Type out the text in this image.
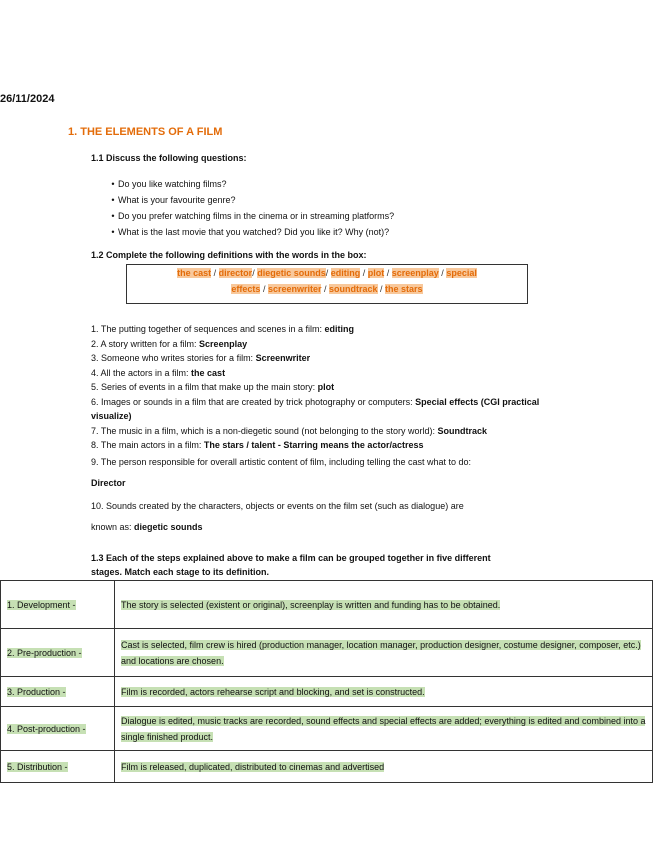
26/11/2024
1. THE ELEMENTS OF A FILM
1.1 Discuss the following questions:
• Do you like watching films?
• What is your favourite genre?
• Do you prefer watching films in the cinema or in streaming platforms?
• What is the last movie that you watched? Did you like it? Why (not)?
1.2 Complete the following definitions with the words in the box:
the cast / director/ diegetic sounds/ editing / plot / screenplay / special
effects / screenwriter / soundtrack / the stars
1. The putting together of sequences and scenes in a film: editing
2. A story written for a film: Screenplay
3. Someone who writes stories for a film: Screenwriter
4. All the actors in a film: the cast
5. Series of events in a film that make up the main story: plot
6. Images or sounds in a film that are created by trick photography or computers: Special effects (CGI practical
visualize)
7. The music in a film, which is a non-diegetic sound (not belonging to the story world): Soundtrack
8. The main actors in a film: The stars / talent - Starring means the actor/actress
9. The person responsible for overall artistic content of film, including telling the cast what to do:
Director
10. Sounds created by the characters, objects or events on the film set (such as dialogue) are
known as: diegetic sounds
1.3 Each of the steps explained above to make a film can be grouped together in five different
stages. Match each stage to its definition.
1. Development -	The story is selected (existent or original), screenplay is written and funding has to be obtained.
2. Pre-production -	Cast is selected, film crew is hired (production manager, location manager, production designer, costume designer, composer, etc.) and locations are chosen.
3. Production -	Film is recorded, actors rehearse script and blocking, and set is constructed.
4. Post-production -	Dialogue is edited, music tracks are recorded, sound effects and special effects are added; everything is edited and combined into a single finished product.
5. Distribution -	Film is released, duplicated, distributed to cinemas and advertised
